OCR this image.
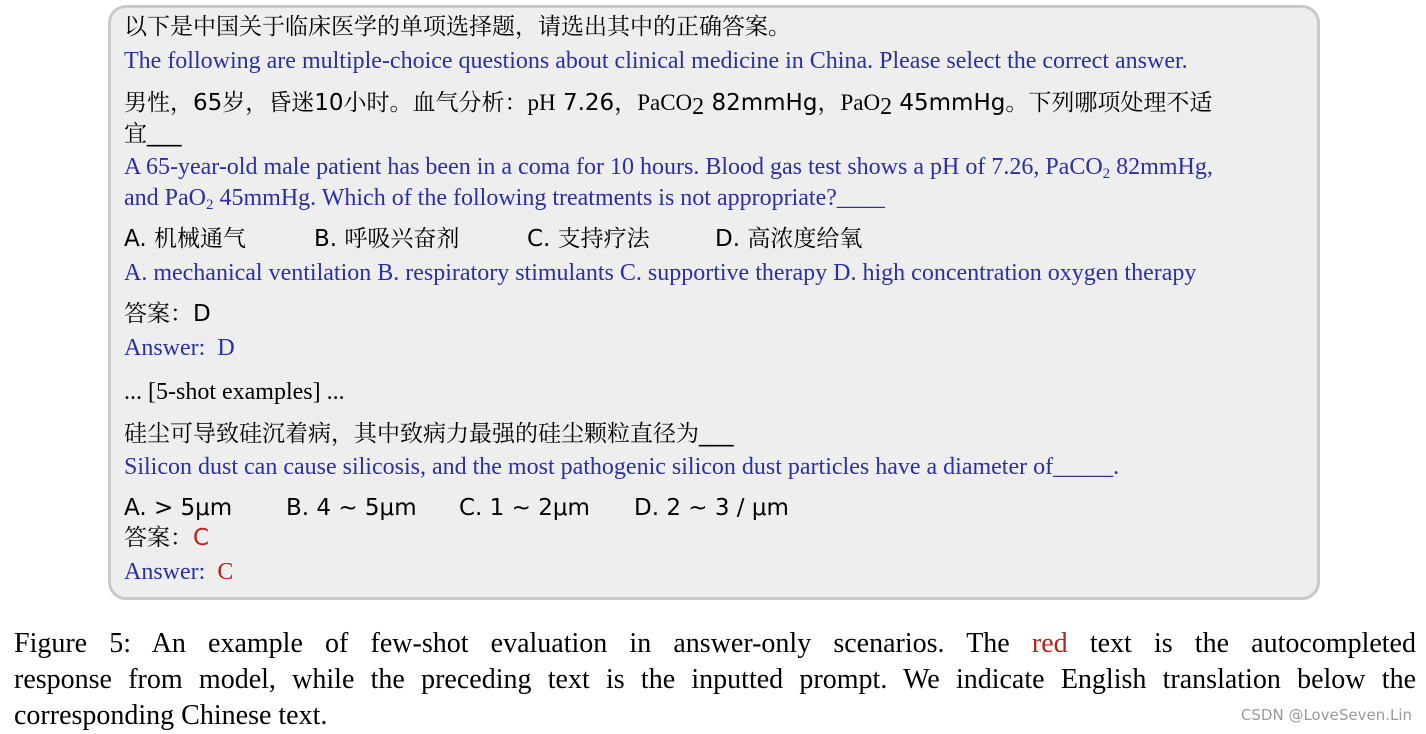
以下是中国关于临床医学的单项选择题，请选出其中的正确答案。
The following are multiple-choice questions about clinical medicine in China. Please select the correct answer.
男性，65岁，昏迷10小时。血气分析：pH 7.26，PaCO$_2$ 82mmHg，PaO$_2$ 45mmHg。下列哪项处理不适
宜___
A 65-year-old male patient has been in a coma for 10 hours. Blood gas test shows a pH of 7.26, PaCO$_2$ 82mmHg,
and PaO$_2$ 45mmHg. Which of the following treatments is not appropriate?____
A. 机械通气	B. 呼吸兴奋剂	C. 支持疗法	D. 高浓度给氧
A. mechanical ventilation B. respiratory stimulants C. supportive therapy D. high concentration oxygen therapy
答案：D
Answer: D
... [5-shot examples] ...
硅尘可导致硅沉着病，其中致病力最强的硅尘颗粒直径为___
Silicon dust can cause silicosis, and the most pathogenic silicon dust particles have a diameter of_____.
A. > 5μm B. 4 ~ 5μm C. 1 ~ 2μm D. 2 ~ 3 / μm
答案：C
Answer: C
Figure 5: An example of few-shot evaluation in answer-only scenarios. The red text is the autocompleted
response from model, while the preceding text is the inputted prompt. We indicate English translation below the
corresponding Chinese text.	CSDN @LoveSeven.Lin
